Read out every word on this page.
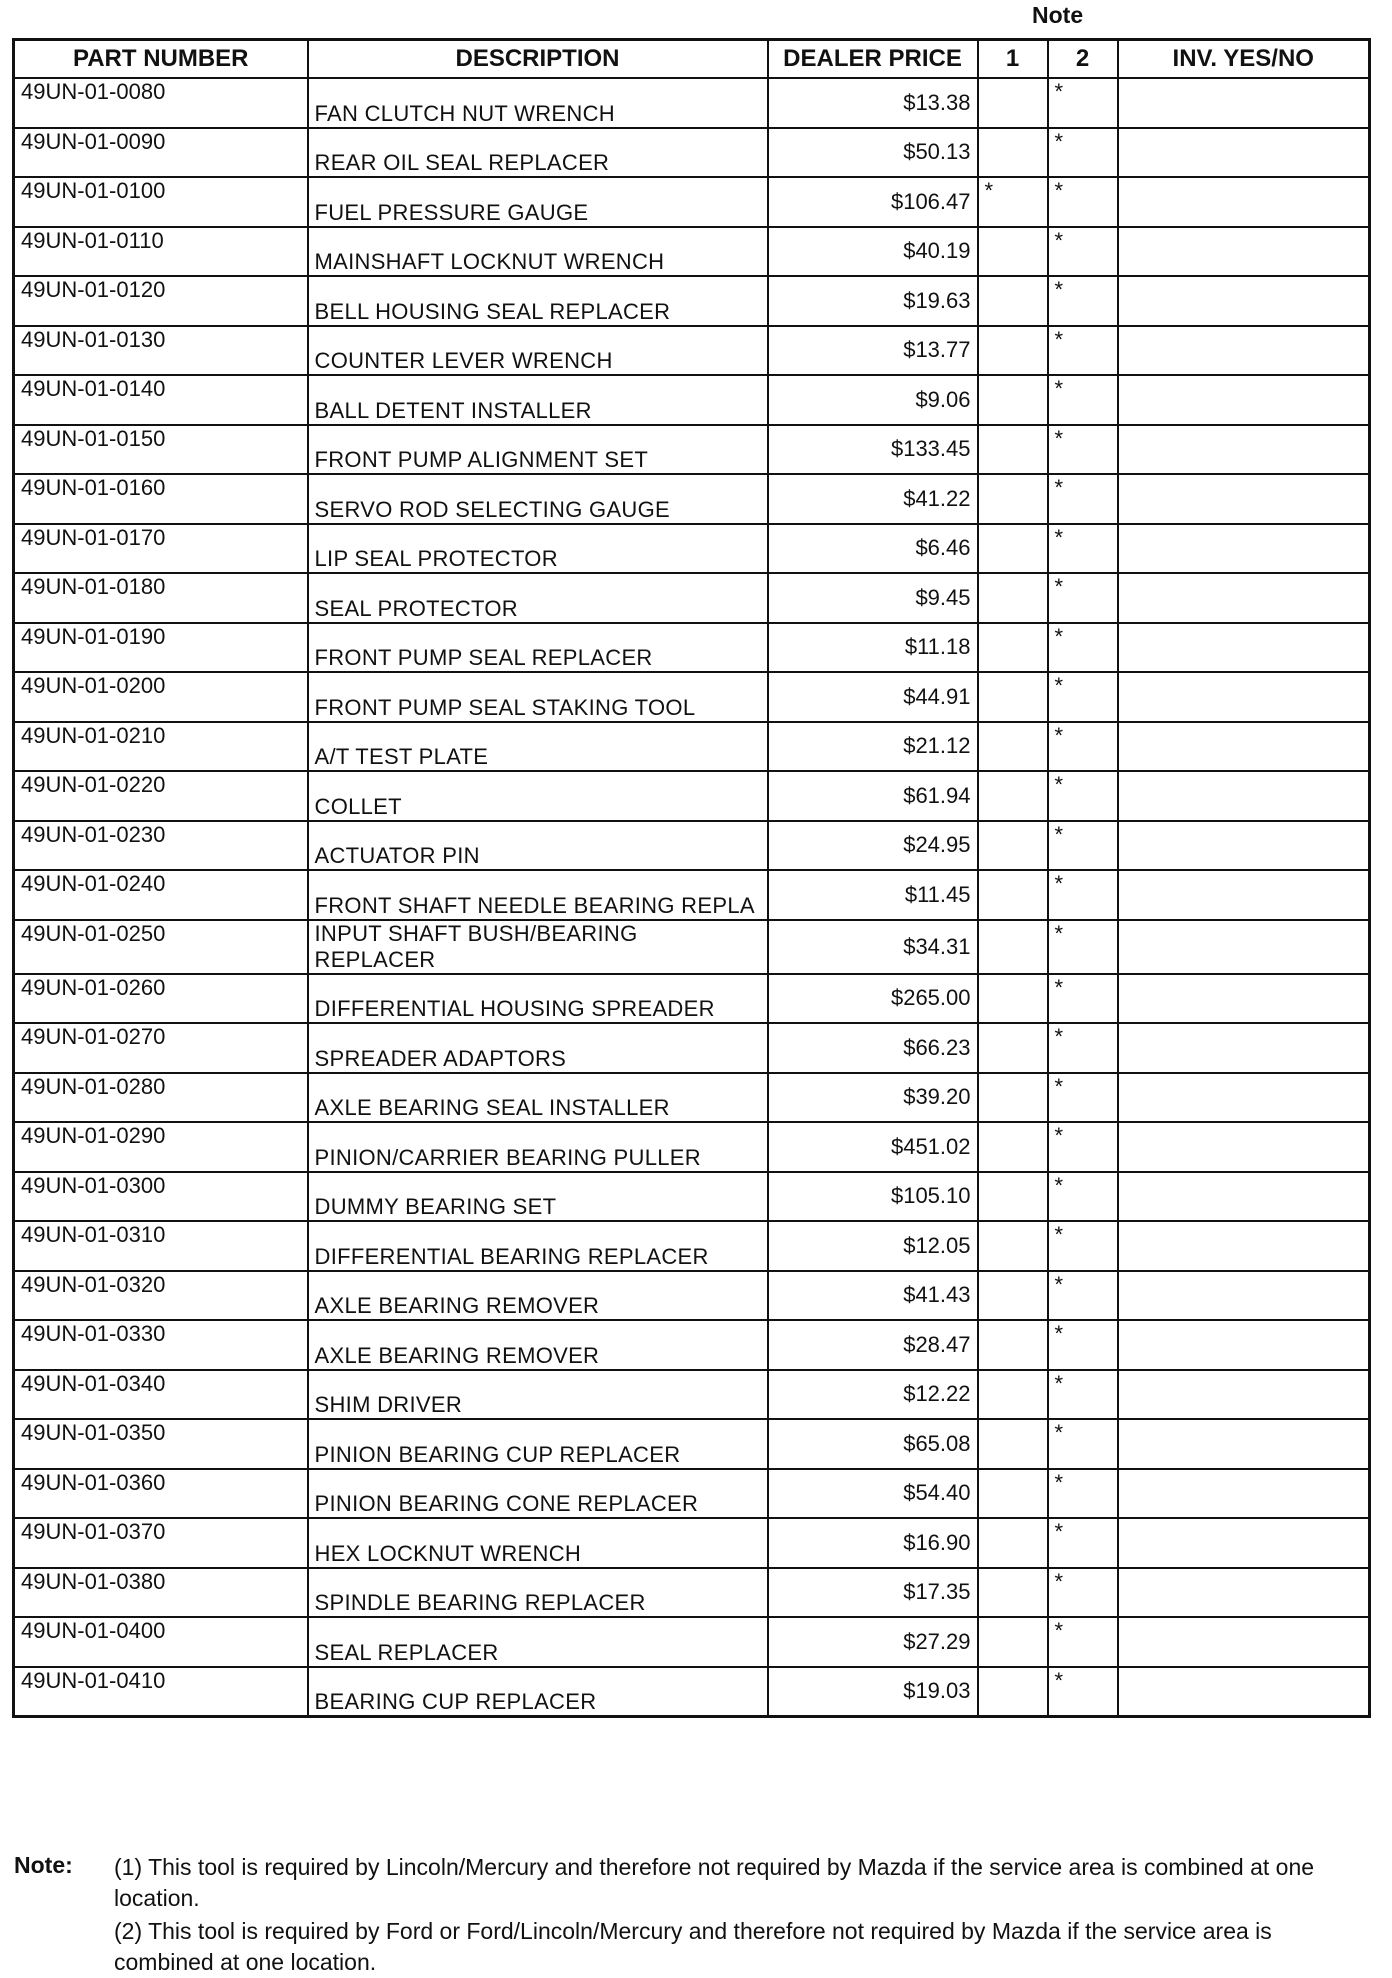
Note
PART NUMBER	DESCRIPTION	DEALER PRICE	1	2	INV. YES/NO
49UN-01-0080	FAN CLUTCH NUT WRENCH	$13.38		*	
49UN-01-0090	REAR OIL SEAL REPLACER	$50.13		*	
49UN-01-0100	FUEL PRESSURE GAUGE	$106.47	*	*	
49UN-01-0110	MAINSHAFT LOCKNUT WRENCH	$40.19		*	
49UN-01-0120	BELL HOUSING SEAL REPLACER	$19.63		*	
49UN-01-0130	COUNTER LEVER WRENCH	$13.77		*	
49UN-01-0140	BALL DETENT INSTALLER	$9.06		*	
49UN-01-0150	FRONT PUMP ALIGNMENT SET	$133.45		*	
49UN-01-0160	SERVO ROD SELECTING GAUGE	$41.22		*	
49UN-01-0170	LIP SEAL PROTECTOR	$6.46		*	
49UN-01-0180	SEAL PROTECTOR	$9.45		*	
49UN-01-0190	FRONT PUMP SEAL REPLACER	$11.18		*	
49UN-01-0200	FRONT PUMP SEAL STAKING TOOL	$44.91		*	
49UN-01-0210	A/T TEST PLATE	$21.12		*	
49UN-01-0220	COLLET	$61.94		*	
49UN-01-0230	ACTUATOR PIN	$24.95		*	
49UN-01-0240	FRONT SHAFT NEEDLE BEARING REPLA	$11.45		*	
49UN-01-0250	INPUT SHAFT BUSH/BEARING REPLACER	$34.31		*	
49UN-01-0260	DIFFERENTIAL HOUSING SPREADER	$265.00		*	
49UN-01-0270	SPREADER ADAPTORS	$66.23		*	
49UN-01-0280	AXLE BEARING SEAL INSTALLER	$39.20		*	
49UN-01-0290	PINION/CARRIER BEARING PULLER	$451.02		*	
49UN-01-0300	DUMMY BEARING SET	$105.10		*	
49UN-01-0310	DIFFERENTIAL BEARING REPLACER	$12.05		*	
49UN-01-0320	AXLE BEARING REMOVER	$41.43		*	
49UN-01-0330	AXLE BEARING REMOVER	$28.47		*	
49UN-01-0340	SHIM DRIVER	$12.22		*	
49UN-01-0350	PINION BEARING CUP REPLACER	$65.08		*	
49UN-01-0360	PINION BEARING CONE REPLACER	$54.40		*	
49UN-01-0370	HEX LOCKNUT WRENCH	$16.90		*	
49UN-01-0380	SPINDLE BEARING REPLACER	$17.35		*	
49UN-01-0400	SEAL REPLACER	$27.29		*	
49UN-01-0410	BEARING CUP REPLACER	$19.03		*	
Note: (1) This tool is required by Lincoln/Mercury and therefore not required by Mazda if the service area is combined at one location.
(2) This tool is required by Ford or Ford/Lincoln/Mercury and therefore not required by Mazda if the service area is combined at one location.
